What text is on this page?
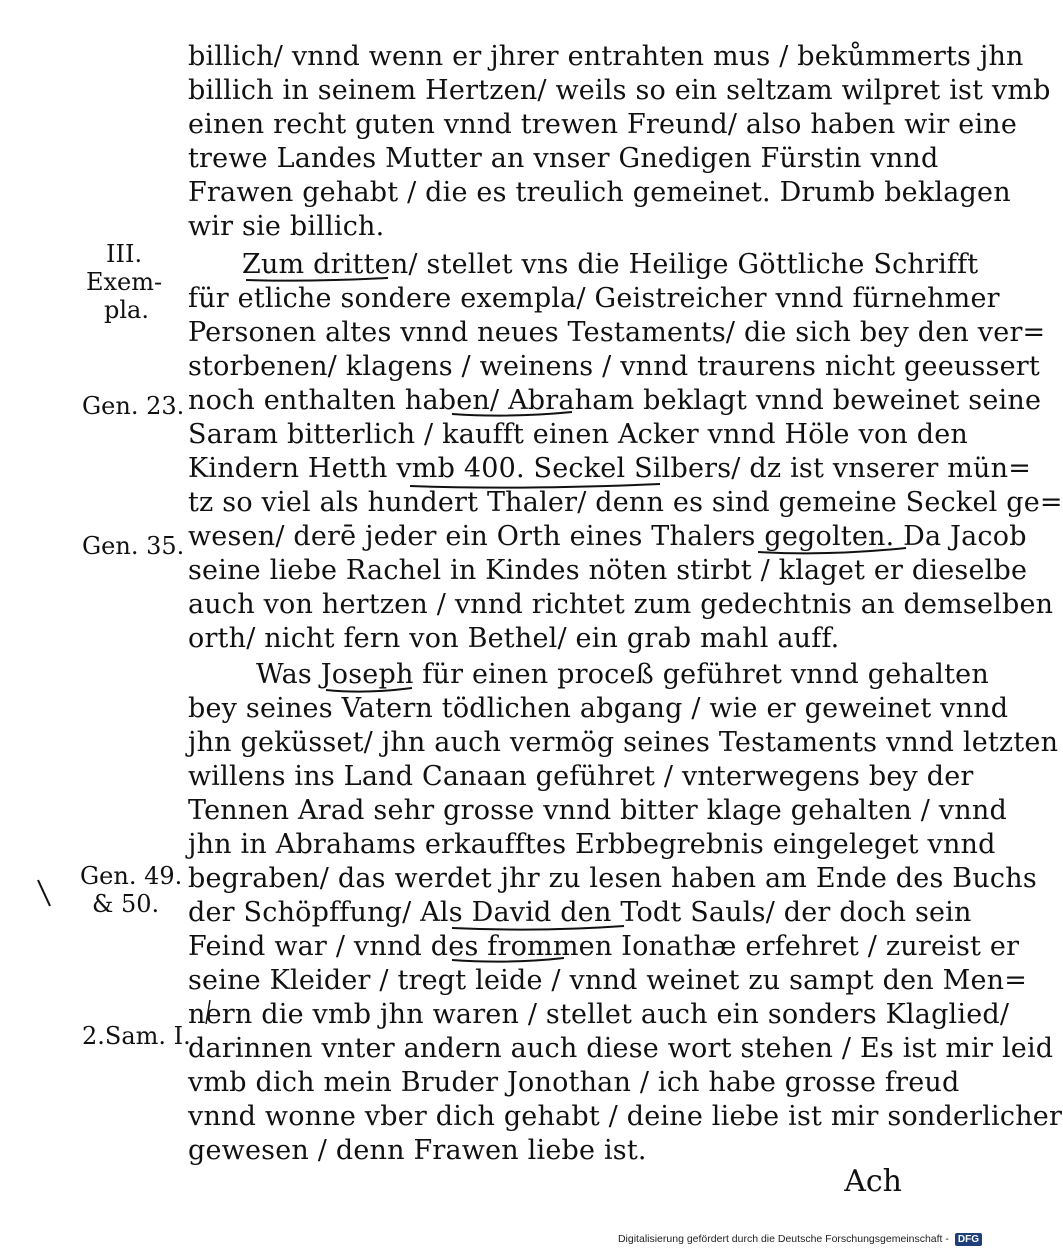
billich/ vnnd wenn er jhrer entrahten mus / bekůmmerts jhn
billich in seinem Hertzen/ weils so ein seltzam wilpret ist vmb
einen recht guten vnnd trewen Freund/ also haben wir eine
trewe Landes Mutter an vnser Gnedigen Fürstin vnnd
Frawen gehabt / die es treulich gemeinet. Drumb beklagen
wir sie billich.
Zum dritten/ stellet vns die Heilige Göttliche Schrifft
für etliche sondere exempla/ Geistreicher vnnd fürnehmer
Personen altes vnnd neues Testaments/ die sich bey den ver=
storbenen/ klagens / weinens / vnnd traurens nicht geeussert
noch enthalten haben/ Abraham beklagt vnnd beweinet seine
Saram bitterlich / kaufft einen Acker vnnd Höle von den
Kindern Hetth vmb 400. Seckel Silbers/ dz ist vnserer mün=
tz so viel als hundert Thaler/ denn es sind gemeine Seckel ge=
wesen/ derē jeder ein Orth eines Thalers gegolten. Da Jacob
seine liebe Rachel in Kindes nöten stirbt / klaget er dieselbe
auch von hertzen / vnnd richtet zum gedechtnis an demselben
orth/ nicht fern von Bethel/ ein grab mahl auff.
Was Joseph für einen proceß geführet vnnd gehalten
bey seines Vatern tödlichen abgang / wie er geweinet vnnd
jhn geküsset/ jhn auch vermög seines Testaments vnnd letzten
willens ins Land Canaan geführet / vnterwegens bey der
Tennen Arad sehr grosse vnnd bitter klage gehalten / vnnd
jhn in Abrahams erkaufftes Erbbegrebnis eingeleget vnnd
begraben/ das werdet jhr zu lesen haben am Ende des Buchs
der Schöpffung/ Als David den Todt Sauls/ der doch sein
Feind war / vnnd des frommen Ionathæ erfehret / zureist er
seine Kleider / tregt leide / vnnd weinet zu sampt den Men=
nern die vmb jhn waren / stellet auch ein sonders Klaglied/
darinnen vnter andern auch diese wort stehen / Es ist mir leid
vmb dich mein Bruder Jonothan / ich habe grosse freud
vnnd wonne vber dich gehabt / deine liebe ist mir sonderlicher
gewesen / denn Frawen liebe ist.
III.
Exem-
pla.
Gen. 23.
Gen. 35.
Gen. 49.
& 50.
2.Sam. I.
Ach
Digitalisierung gefördert durch die Deutsche Forschungsgemeinschaft - DFG
